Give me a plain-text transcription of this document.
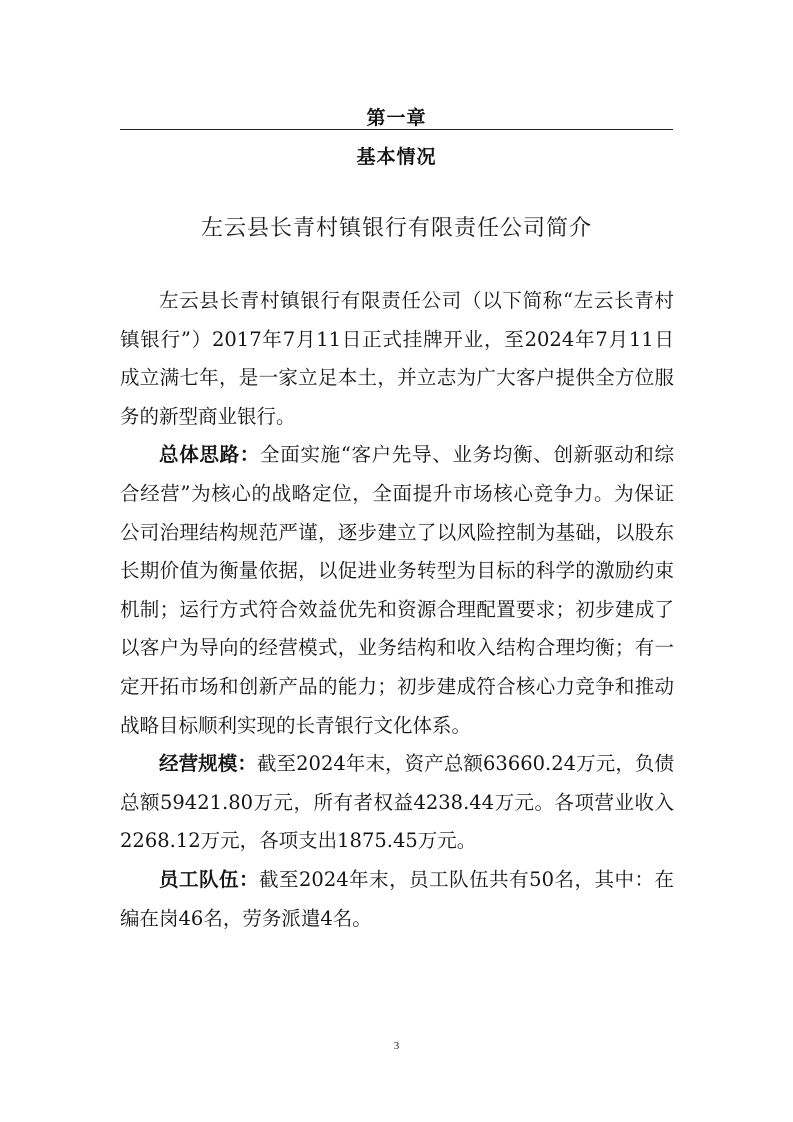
第一章
基本情况
左云县长青村镇银行有限责任公司简介

左云县长青村镇银行有限责任公司（以下简称“左云长青村镇银行”）2017年7月11日正式挂牌开业，至2024年7月11日成立满七年，是一家立足本土，并立志为广大客户提供全方位服务的新型商业银行。

总体思路：全面实施“客户先导、业务均衡、创新驱动和综合经营”为核心的战略定位，全面提升市场核心竞争力。为保证公司治理结构规范严谨，逐步建立了以风险控制为基础，以股东长期价值为衡量依据，以促进业务转型为目标的科学的激励约束机制；运行方式符合效益优先和资源合理配置要求；初步建成了以客户为导向的经营模式，业务结构和收入结构合理均衡；有一定开拓市场和创新产品的能力；初步建成符合核心力竞争和推动战略目标顺利实现的长青银行文化体系。

经营规模：截至2024年末，资产总额63660.24万元，负债总额59421.80万元，所有者权益4238.44万元。各项营业收入2268.12万元，各项支出1875.45万元。

员工队伍：截至2024年末，员工队伍共有50名，其中：在编在岗46名，劳务派遣4名。

3
